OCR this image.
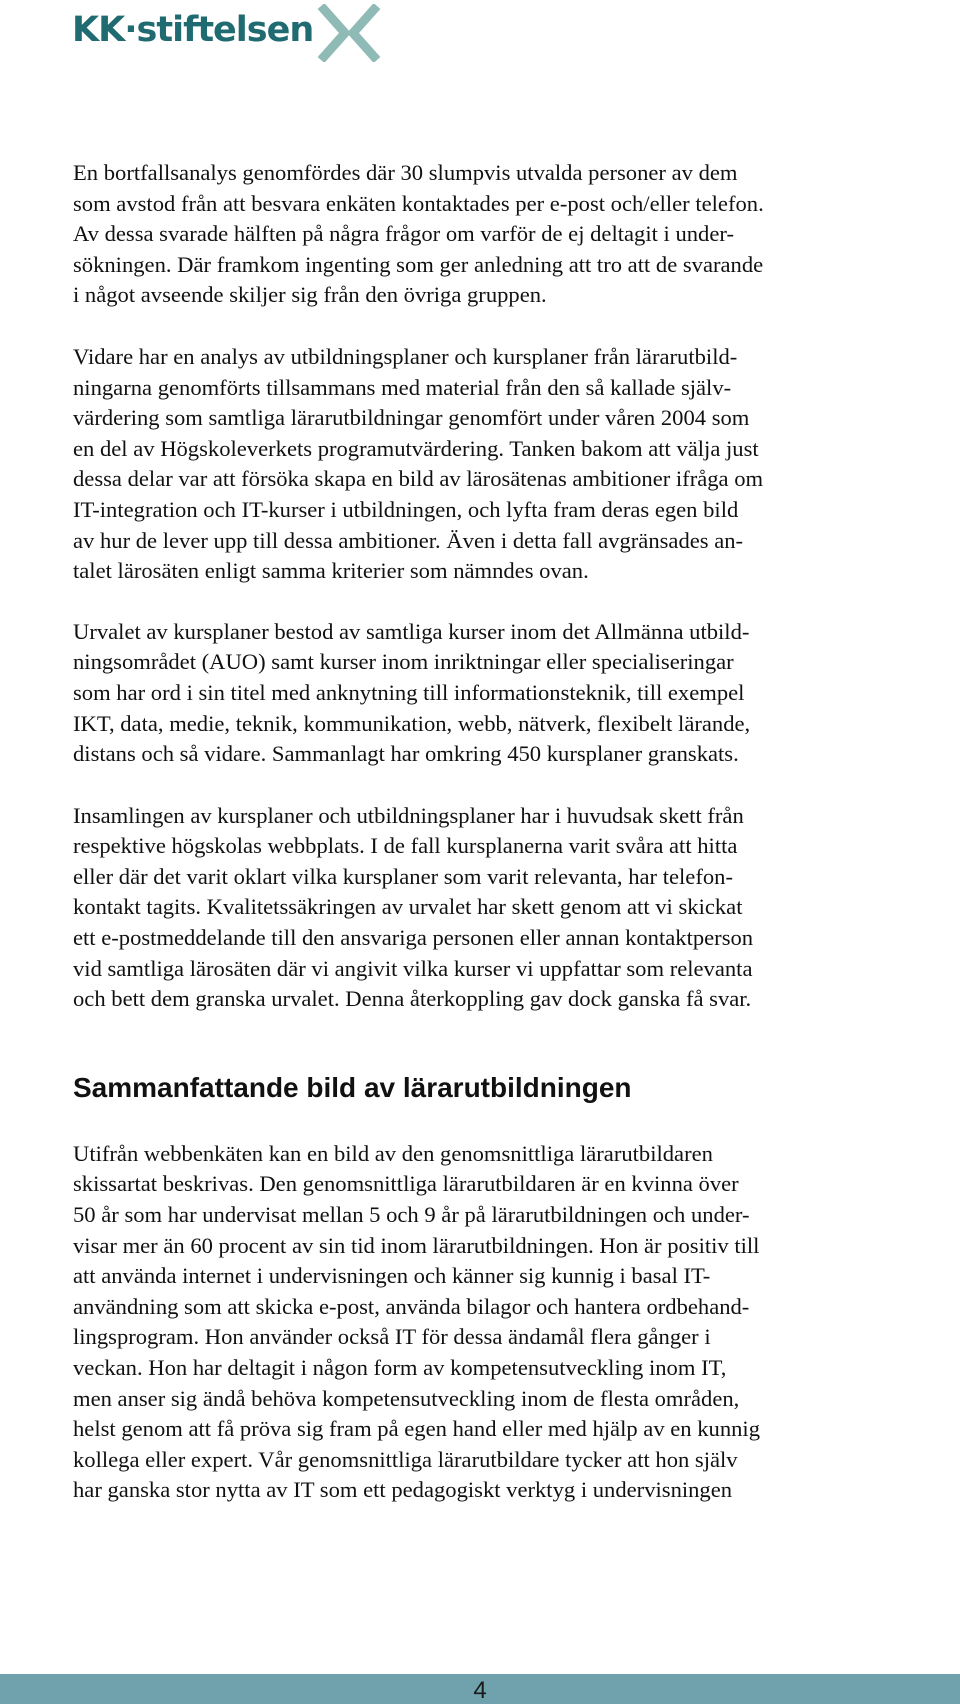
KK·stiftelsen

En bortfallsanalys genomfördes där 30 slumpvis utvalda personer av dem
som avstod från att besvara enkäten kontaktades per e-post och/eller telefon.
Av dessa svarade hälften på några frågor om varför de ej deltagit i under-
sökningen. Där framkom ingenting som ger anledning att tro att de svarande
i något avseende skiljer sig från den övriga gruppen.

Vidare har en analys av utbildningsplaner och kursplaner från lärarutbild-
ningarna genomförts tillsammans med material från den så kallade själv-
värdering som samtliga lärarutbildningar genomfört under våren 2004 som
en del av Högskoleverkets programutvärdering. Tanken bakom att välja just
dessa delar var att försöka skapa en bild av lärosätenas ambitioner ifråga om
IT-integration och IT-kurser i utbildningen, och lyfta fram deras egen bild
av hur de lever upp till dessa ambitioner. Även i detta fall avgränsades an-
talet lärosäten enligt samma kriterier som nämndes ovan.

Urvalet av kursplaner bestod av samtliga kurser inom det Allmänna utbild-
ningsområdet (AUO) samt kurser inom inriktningar eller specialiseringar
som har ord i sin titel med anknytning till informationsteknik, till exempel
IKT, data, medie, teknik, kommunikation, webb, nätverk, flexibelt lärande,
distans och så vidare. Sammanlagt har omkring 450 kursplaner granskats.

Insamlingen av kursplaner och utbildningsplaner har i huvudsak skett från
respektive högskolas webbplats. I de fall kursplanerna varit svåra att hitta
eller där det varit oklart vilka kursplaner som varit relevanta, har telefon-
kontakt tagits. Kvalitetssäkringen av urvalet har skett genom att vi skickat
ett e-postmeddelande till den ansvariga personen eller annan kontaktperson
vid samtliga lärosäten där vi angivit vilka kurser vi uppfattar som relevanta
och bett dem granska urvalet. Denna återkoppling gav dock ganska få svar.

Sammanfattande bild av lärarutbildningen

Utifrån webbenkäten kan en bild av den genomsnittliga lärarutbildaren
skissartat beskrivas. Den genomsnittliga lärarutbildaren är en kvinna över
50 år som har undervisat mellan 5 och 9 år på lärarutbildningen och under-
visar mer än 60 procent av sin tid inom lärarutbildningen. Hon är positiv till
att använda internet i undervisningen och känner sig kunnig i basal IT-
användning som att skicka e-post, använda bilagor och hantera ordbehand-
lingsprogram. Hon använder också IT för dessa ändamål flera gånger i
veckan. Hon har deltagit i någon form av kompetensutveckling inom IT,
men anser sig ändå behöva kompetensutveckling inom de flesta områden,
helst genom att få pröva sig fram på egen hand eller med hjälp av en kunnig
kollega eller expert. Vår genomsnittliga lärarutbildare tycker att hon själv
har ganska stor nytta av IT som ett pedagogiskt verktyg i undervisningen

4
